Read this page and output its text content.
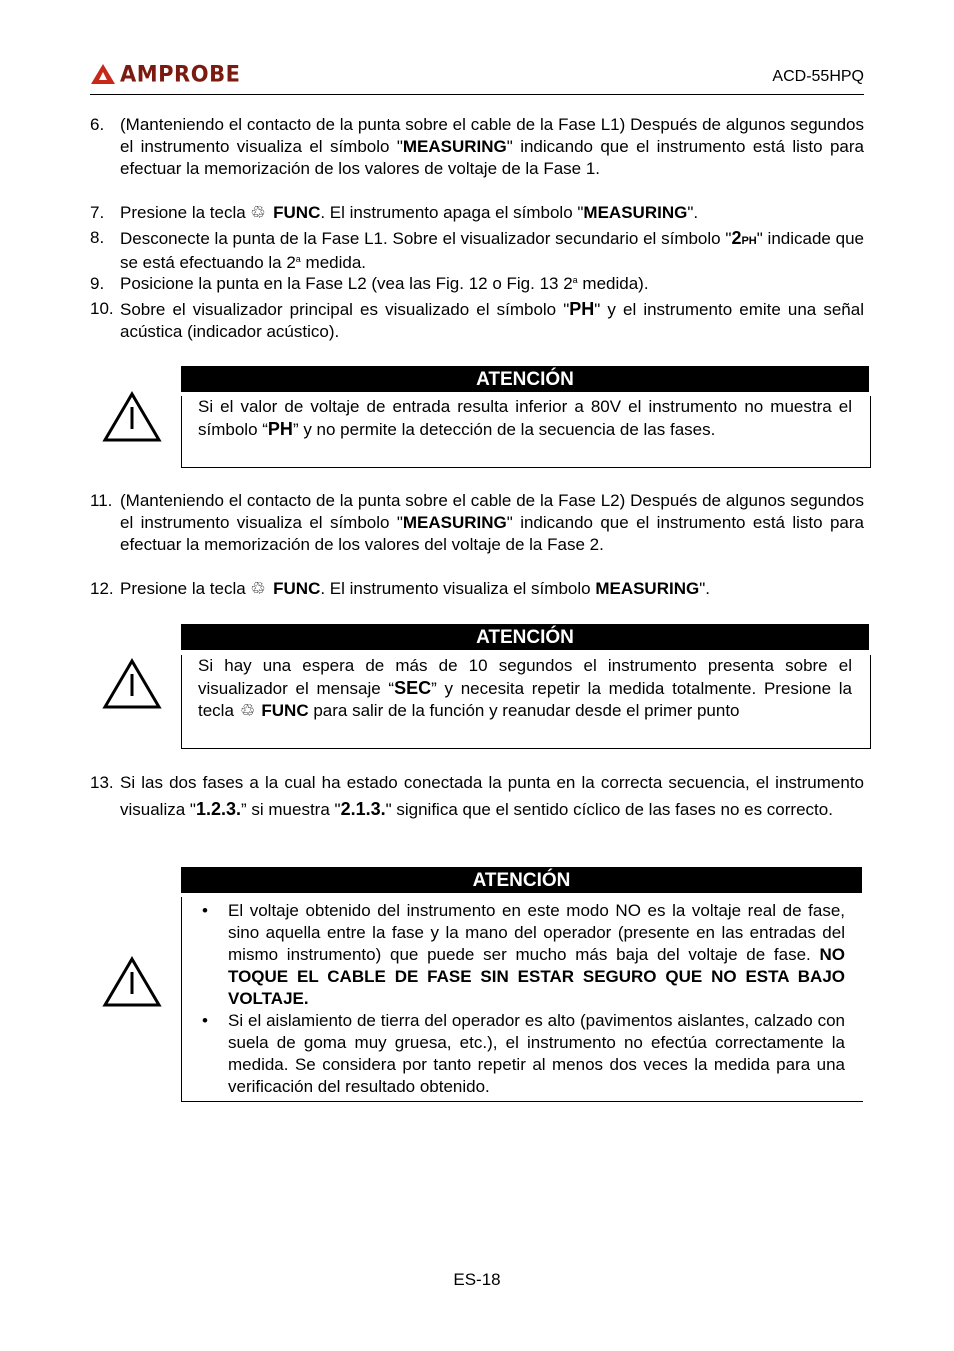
AMPROBE	ACD-55HPQ
6. (Manteniendo el contacto de la punta sobre el cable de la Fase L1) Después de algunos segundos el instrumento visualiza el símbolo "MEASURING" indicando que el instrumento está listo para efectuar la memorización de los valores de voltaje de la Fase 1.
7. Presione la tecla ♲ FUNC. El instrumento apaga el símbolo "MEASURING".
8. Desconecte la punta de la Fase L1. Sobre el visualizador secundario el símbolo "2PH" indicade que se está efectuando la 2$^a$ medida.
9. Posicione la punta en la Fase L2 (vea las Fig. 12 o Fig. 13 2$^a$ medida).
10. Sobre el visualizador principal es visualizado el símbolo "PH" y el instrumento emite una señal acústica (indicador acústico).
ATENCIÓN
Si el valor de voltaje de entrada resulta inferior a 80V el instrumento no muestra el símbolo “PH” y no permite la detección de la secuencia de las fases.
11. (Manteniendo el contacto de la punta sobre el cable de la Fase L2) Después de algunos segundos el instrumento visualiza el símbolo "MEASURING" indicando que el instrumento está listo para efectuar la memorización de los valores del voltaje de la Fase 2.
12. Presione la tecla ♲ FUNC. El instrumento visualiza el símbolo MEASURING".
ATENCIÓN
Si hay una espera de más de 10 segundos el instrumento presenta sobre el visualizador el mensaje “SEC” y necesita repetir la medida totalmente. Presione la tecla ♲ FUNC para salir de la función y reanudar desde el primer punto
13. Si las dos fases a la cual ha estado conectada la punta en la correcta secuencia, el instrumento visualiza "1.2.3.” si muestra "2.1.3." significa que el sentido cíclico de las fases no es correcto.
ATENCIÓN
• El voltaje obtenido del instrumento en este modo NO es la voltaje real de fase, sino aquella entre la fase y la mano del operador (presente en las entradas del mismo instrumento) que puede ser mucho más baja del voltaje de fase. NO TOQUE EL CABLE DE FASE SIN ESTAR SEGURO QUE NO ESTA BAJO VOLTAJE.
• Si el aislamiento de tierra del operador es alto (pavimentos aislantes, calzado con suela de goma muy gruesa, etc.), el instrumento no efectúa correctamente la medida. Se considera por tanto repetir al menos dos veces la medida para una verificación del resultado obtenido.
ES-18
